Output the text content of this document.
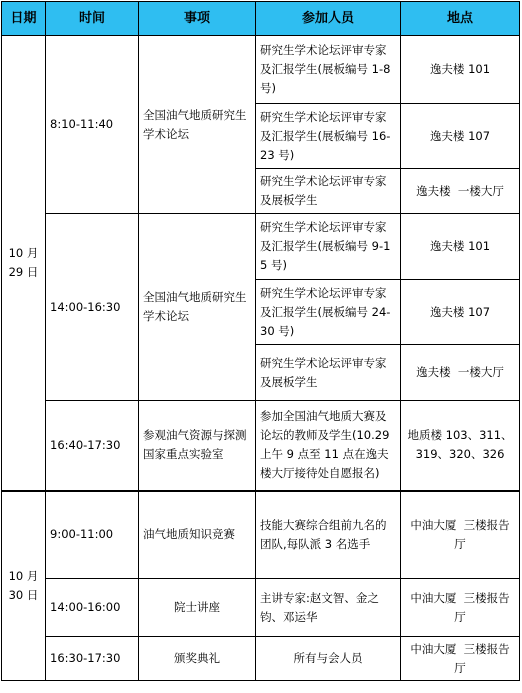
日期	时间	事项	参加人员	地点
10 月
29 日	8:10-11:40	全国油气地质研究生学术论坛	研究生学术论坛评审专家及汇报学生(展板编号 1-8 号)	逸夫楼 101
			研究生学术论坛评审专家及汇报学生(展板编号 16-23 号)	逸夫楼 107
			研究生学术论坛评审专家及展板学生	逸夫楼  一楼大厅
	14:00-16:30	全国油气地质研究生学术论坛	研究生学术论坛评审专家及汇报学生(展板编号 9-15 号)	逸夫楼 101
			研究生学术论坛评审专家及汇报学生(展板编号 24-30 号)	逸夫楼 107
			研究生学术论坛评审专家及展板学生	逸夫楼  一楼大厅
	16:40-17:30	参观油气资源与探测国家重点实验室	参加全国油气地质大赛及论坛的教师及学生(10.29 上午 9 点至 11 点在逸夫楼大厅接待处自愿报名)	地质楼 103、311、319、320、326
10 月
30 日	9:00-11:00	油气地质知识竞赛	技能大赛综合组前九名的团队,每队派 3 名选手	中油大厦  三楼报告厅
	14:00-16:00	院士讲座	主讲专家:赵文智、金之钧、邓运华	中油大厦  三楼报告厅
	16:30-17:30	颁奖典礼	所有与会人员	中油大厦  三楼报告厅
